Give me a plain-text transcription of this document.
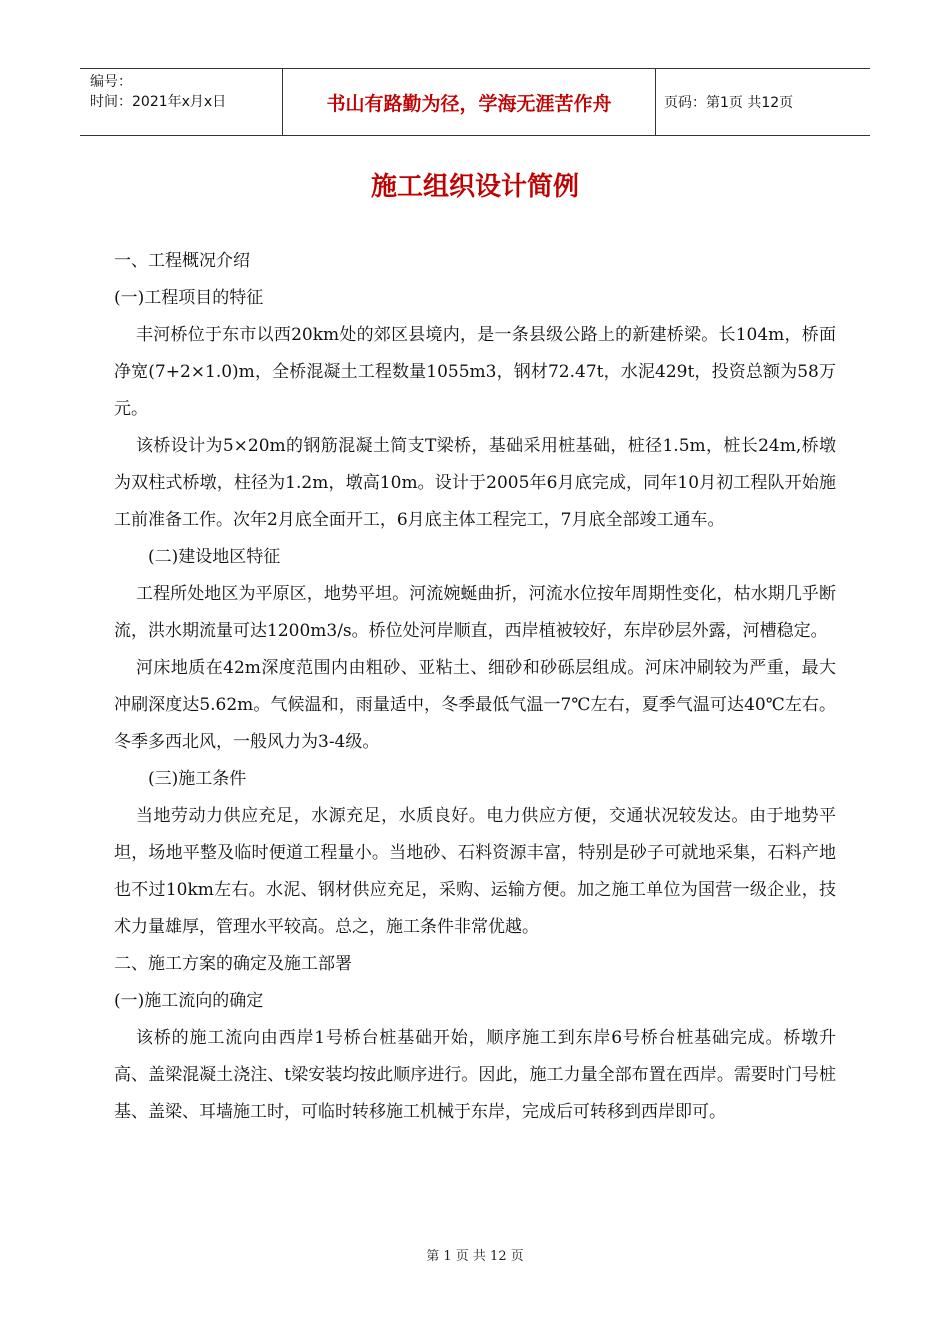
编号：
时间：2021年x月x日	书山有路勤为径，学海无涯苦作舟	页码：第1页 共12页
施工组织设计简例

一、工程概况介绍

(一)工程项目的特征

丰河桥位于东市以西20km处的郊区县境内，是一条县级公路上的新建桥梁。长104m，桥面净宽(7+2×1.0)m，全桥混凝土工程数量1055m3，钢材72.47t，水泥429t，投资总额为58万元。

该桥设计为5×20m的钢筋混凝土简支T梁桥，基础采用桩基础，桩径1.5m，桩长24m,桥墩为双柱式桥墩，柱径为1.2m，墩高10m。设计于2005年6月底完成，同年10月初工程队开始施工前准备工作。次年2月底全面开工，6月底主体工程完工，7月底全部竣工通车。

(二)建设地区特征

工程所处地区为平原区，地势平坦。河流婉蜒曲折，河流水位按年周期性变化，枯水期几乎断流，洪水期流量可达1200m3/s。桥位处河岸顺直，西岸植被较好，东岸砂层外露，河槽稳定。

河床地质在42m深度范围内由粗砂、亚粘土、细砂和砂砾层组成。河床冲刷较为严重，最大冲刷深度达5.62m。气候温和，雨量适中，冬季最低气温一7℃左右，夏季气温可达40℃左右。冬季多西北风，一般风力为3-4级。

(三)施工条件

当地劳动力供应充足，水源充足，水质良好。电力供应方便，交通状况较发达。由于地势平坦，场地平整及临时便道工程量小。当地砂、石料资源丰富，特别是砂子可就地采集，石料产地也不过10km左右。水泥、钢材供应充足，采购、运输方便。加之施工单位为国营一级企业，技术力量雄厚，管理水平较高。总之，施工条件非常优越。

二、施工方案的确定及施工部署

(一)施工流向的确定

该桥的施工流向由西岸1号桥台桩基础开始，顺序施工到东岸6号桥台桩基础完成。桥墩升高、盖梁混凝土浇注、t梁安装均按此顺序进行。因此，施工力量全部布置在西岸。需要时门号桩基、盖梁、耳墙施工时，可临时转移施工机械于东岸，完成后可转移到西岸即可。

第 1 页 共 12 页
